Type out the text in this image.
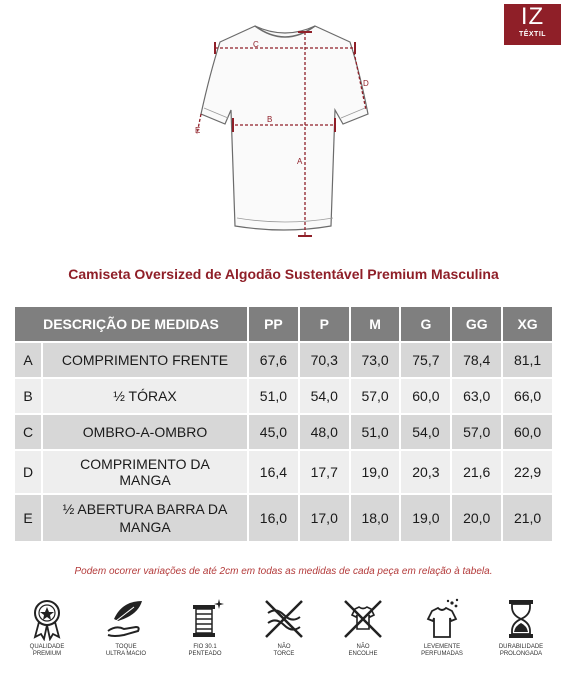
IZ
TÊXTIL
C
B
A
D
E
Camiseta Oversized de Algodão Sustentável Premium Masculina
DESCRIÇÃO DE MEDIDAS		PP	P	M	G	GG	XG
A	COMPRIMENTO FRENTE	67,6	70,3	73,0	75,7	78,4	81,1
B	½ TÓRAX	51,0	54,0	57,0	60,0	63,0	66,0
C	OMBRO-A-OMBRO	45,0	48,0	51,0	54,0	57,0	60,0
D	COMPRIMENTO DA MANGA	16,4	17,7	19,0	20,3	21,6	22,9
E	½ ABERTURA BARRA DA MANGA	16,0	17,0	18,0	19,0	20,0	21,0
Podem ocorrer variações de até 2cm em todas as medidas de cada peça em relação à tabela.
QUALIDADE
PREMIUM
TOQUE
ULTRA MACIO
FIO 30.1
PENTEADO
NÃO
TORCE
NÃO
ENCOLHE
LEVEMENTE
PERFUMADAS
DURABILIDADE
PROLONGADA
